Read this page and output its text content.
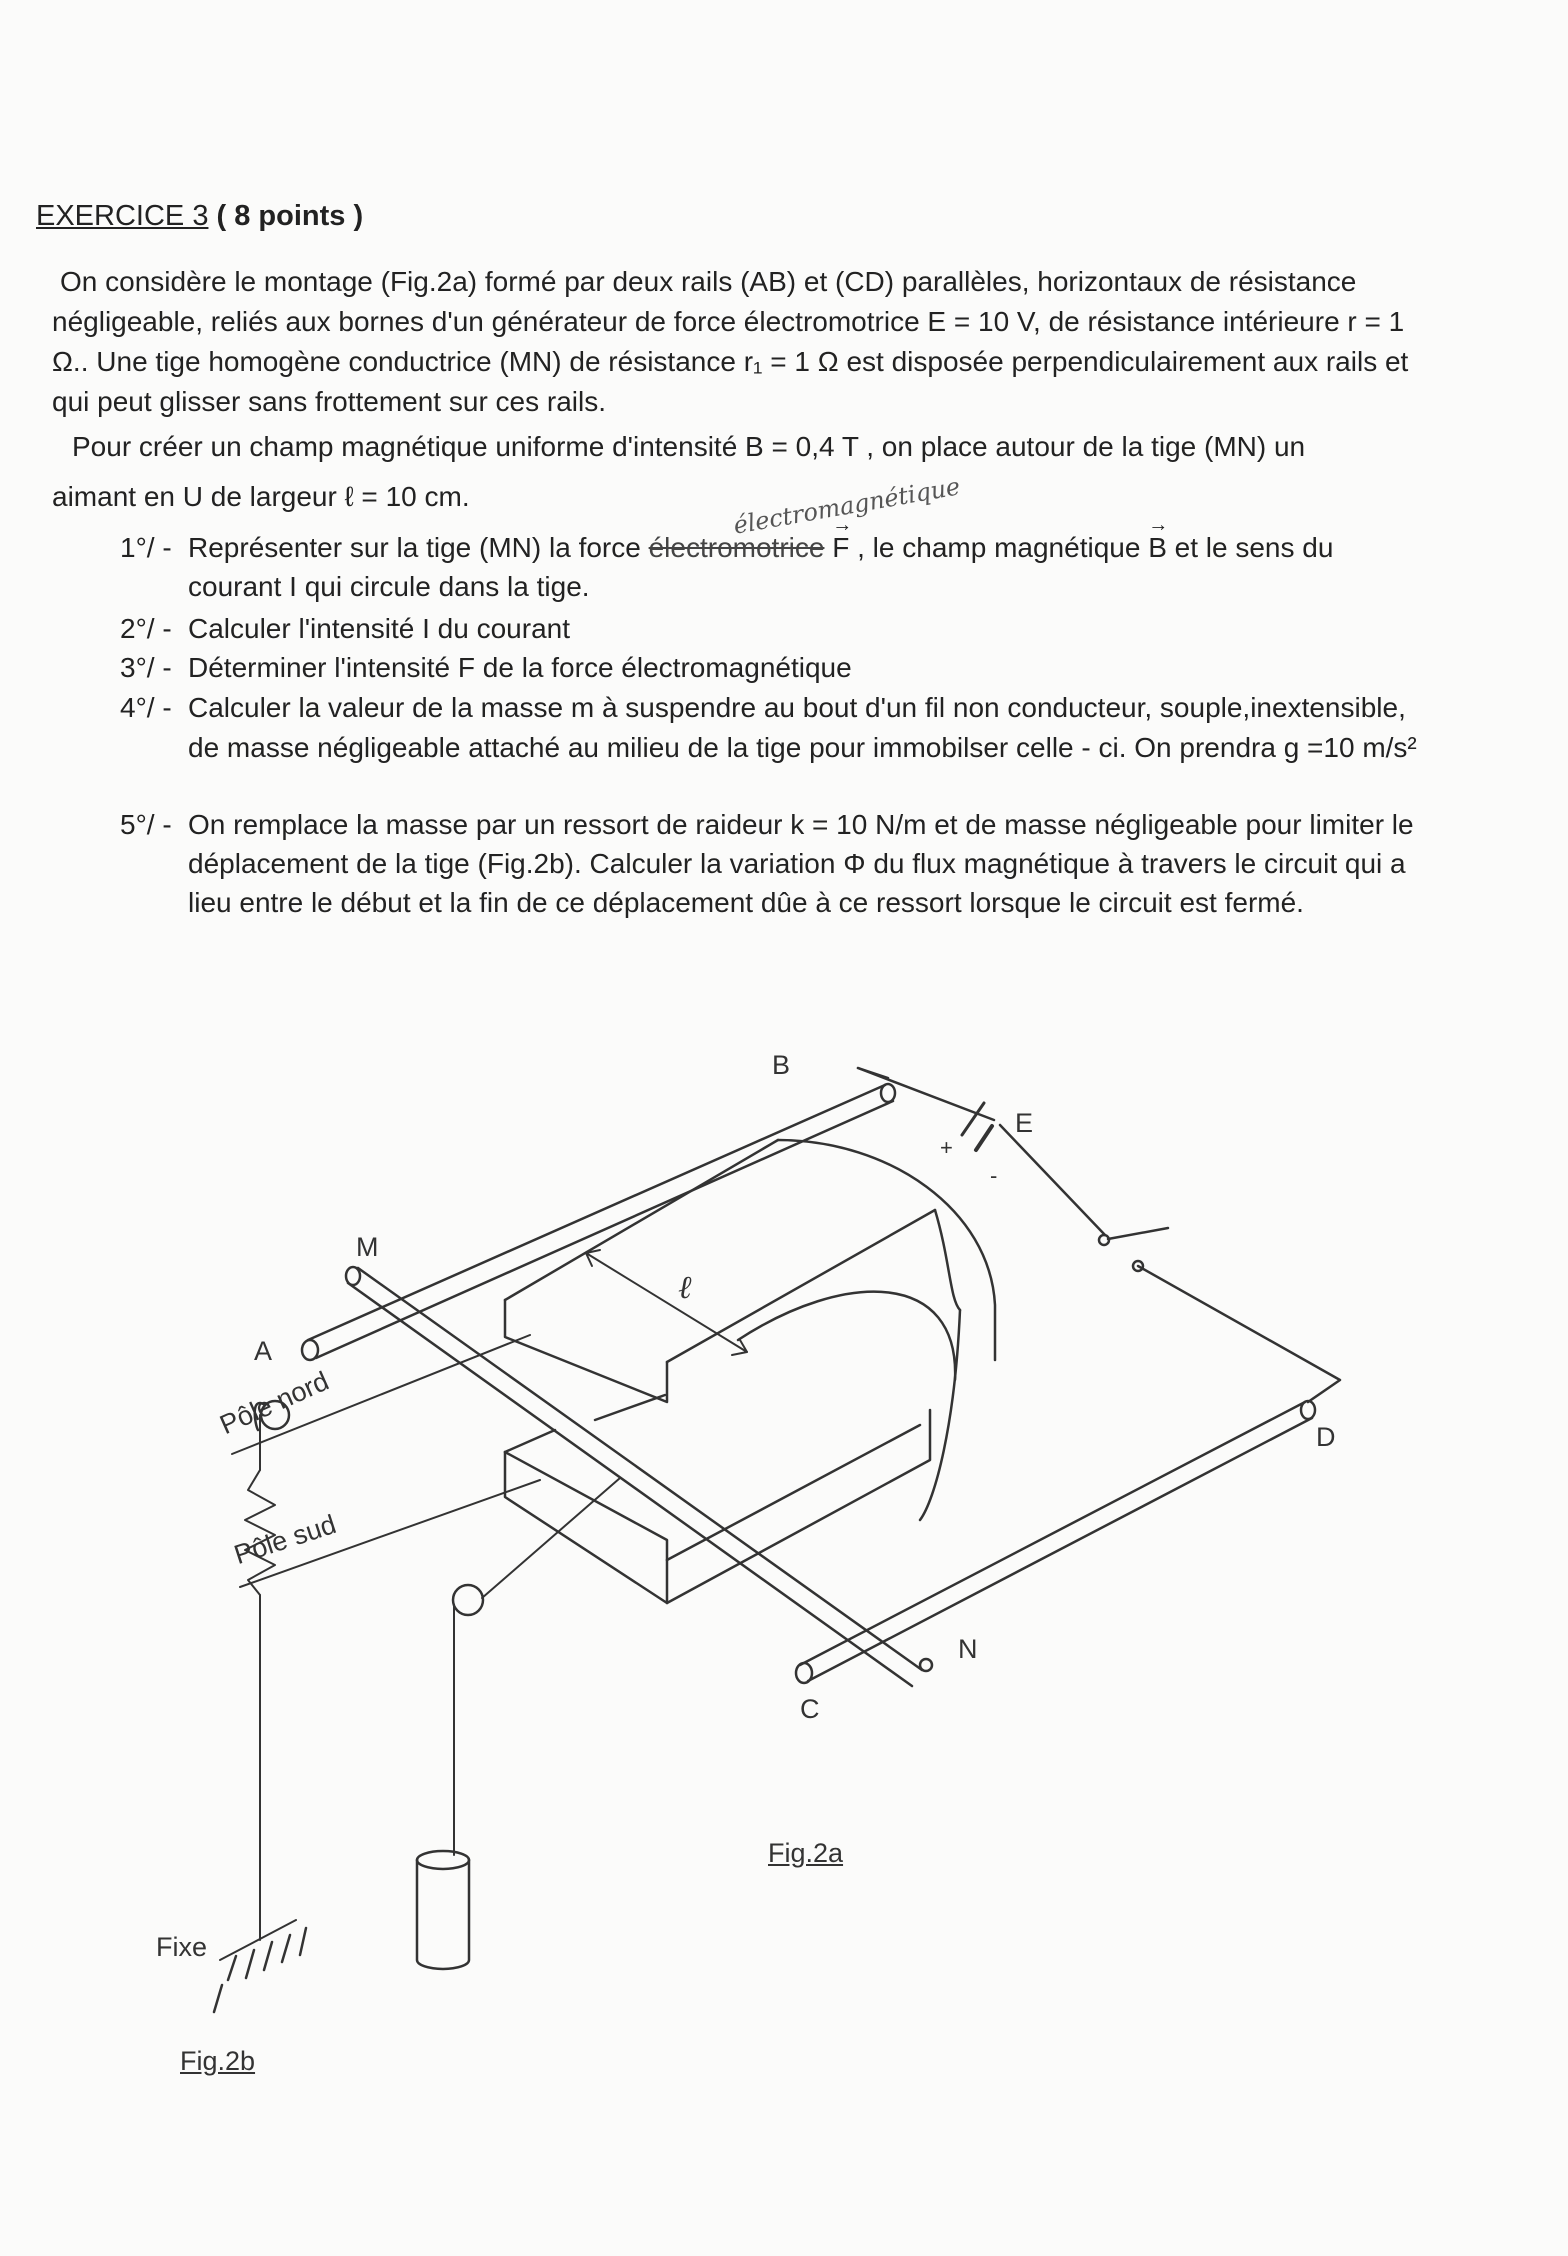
EXERCICE 3 ( 8 points )
On considère le montage (Fig.2a) formé par deux rails (AB) et (CD) parallèles, horizontaux de résistance négligeable, reliés aux bornes d'un générateur de force électromotrice E = 10 V, de résistance intérieure r = 1 Ω.. Une tige homogène conductrice (MN) de résistance r₁ = 1 Ω est disposée perpendiculairement aux rails et qui peut glisser sans frottement sur ces rails.
Pour créer un champ magnétique uniforme d'intensité B = 0,4 T , on place autour de la tige (MN) un aimant en U de largeur ℓ = 10 cm.	électromagnétique
1°/ - Représenter sur la tige (MN) la force électromotrice → F , le champ magnétique → B et le sens du courant I qui circule dans la tige.
2°/ - Calculer l'intensité I du courant
3°/ - Déterminer l'intensité F de la force électromagnétique
4°/ - Calculer la valeur de la masse m à suspendre au bout d'un fil non conducteur, souple,inextensible, de masse négligeable attaché au milieu de la tige pour immobilser celle - ci. On prendra g =10 m/s²
5°/ - On remplace la masse par un ressort de raideur k = 10 N/m et de masse négligeable pour limiter le déplacement de la tige (Fig.2b). Calculer la variation Φ du flux magnétique à travers le circuit qui a lieu entre le début et la fin de ce déplacement dûe à ce ressort lorsque le circuit est fermé.
B
E
+
-
M
ℓ
A
D
Pôle nord
Pôle sud
N
C
Fig.2a
Fixe
Fig.2b
